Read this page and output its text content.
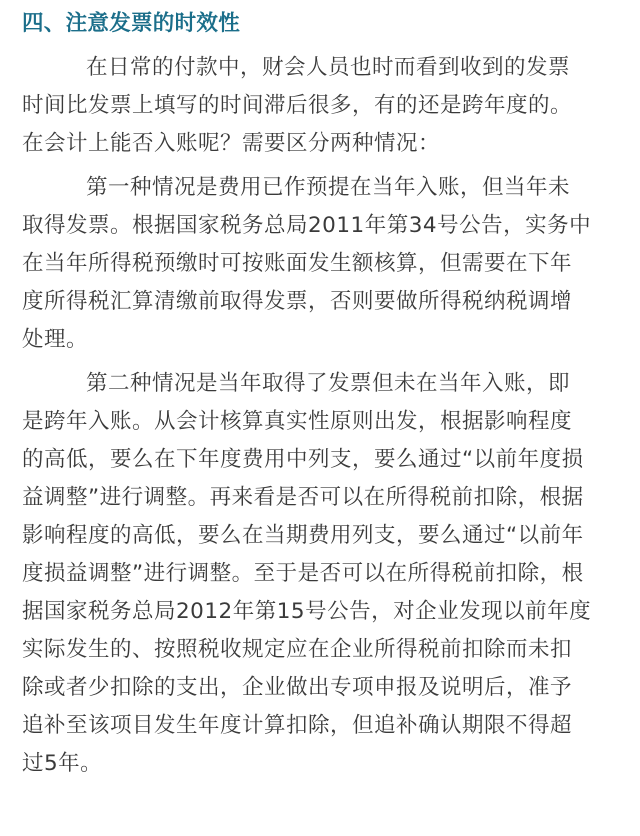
四、注意发票的时效性
在日常的付款中，财会人员也时而看到收到的发票
时间比发票上填写的时间滞后很多，有的还是跨年度的。
在会计上能否入账呢？需要区分两种情况：
第一种情况是费用已作预提在当年入账，但当年未
取得发票。根据国家税务总局2011年第34号公告，实务中
在当年所得税预缴时可按账面发生额核算，但需要在下年
度所得税汇算清缴前取得发票，否则要做所得税纳税调增
处理。
第二种情况是当年取得了发票但未在当年入账，即
是跨年入账。从会计核算真实性原则出发，根据影响程度
的高低，要么在下年度费用中列支，要么通过“以前年度损
益调整”进行调整。再来看是否可以在所得税前扣除，根据
影响程度的高低，要么在当期费用列支，要么通过“以前年
度损益调整”进行调整。至于是否可以在所得税前扣除，根
据国家税务总局2012年第15号公告，对企业发现以前年度
实际发生的、按照税收规定应在企业所得税前扣除而未扣
除或者少扣除的支出，企业做出专项申报及说明后，准予
追补至该项目发生年度计算扣除，但追补确认期限不得超
过5年。
